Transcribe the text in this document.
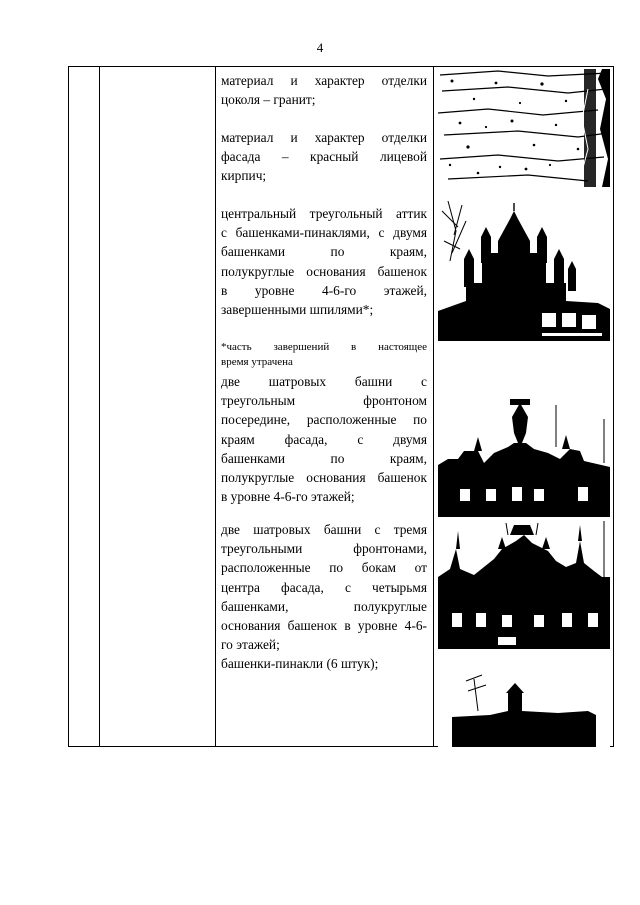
4
материал и характер отделки
цоколя – гранит;
материал и характер отделки
фасада – красный лицевой
кирпич;
центральный треугольный аттик
с башенками-пинаклями, с двумя
башенками по краям,
полукруглые основания башенок
в уровне 4-6-го этажей,
завершенными шпилями*;
*часть завершений в настоящее
время утрачена
две шатровых башни с
треугольным фронтоном
посередине, расположенные по
краям фасада, с двумя
башенками по краям,
полукруглые основания башенок
в уровне 4-6-го этажей;
две шатровых башни с тремя
треугольными фронтонами,
расположенные по бокам от
центра фасада, с четырьмя
башенками, полукруглые
основания башенок в уровне 4-6-
го этажей;
башенки-пинакли (6 штук);
